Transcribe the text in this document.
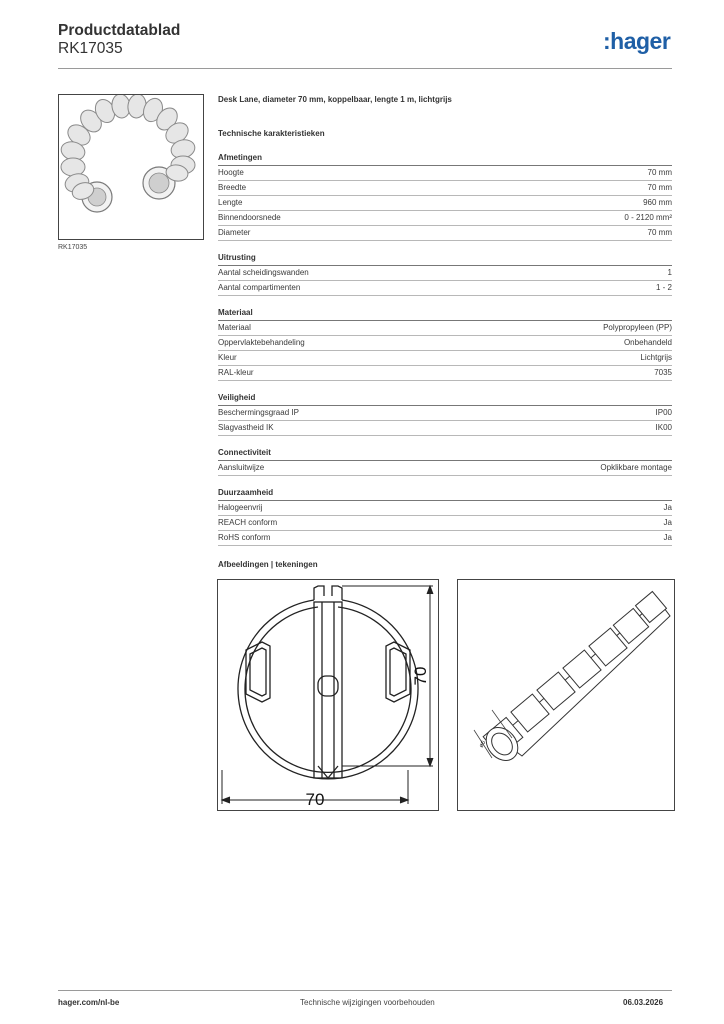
Productdatablad
RK17035	:hager
RK17035
Desk Lane, diameter 70 mm, koppelbaar, lengte 1 m, lichtgrijs
Technische karakteristieken
Afmetingen
Hoogte	70 mm
Breedte	70 mm
Lengte	960 mm
Binnendoorsnede	0 - 2120 mm²
Diameter	70 mm
Uitrusting
Aantal scheidingswanden	1
Aantal compartimenten	1 - 2
Materiaal
Materiaal	Polypropyleen (PP)
Oppervlaktebehandeling	Onbehandeld
Kleur	Lichtgrijs
RAL-kleur	7035
Veiligheid
Beschermingsgraad IP	IP00
Slagvastheid IK	IK00
Connectiviteit
Aansluitwijze	Opklikbare montage
Duurzaamheid
Halogeenvrij	Ja
REACH conform	Ja
RoHS conform	Ja
Afbeeldingen | tekeningen
70
70
ø6
hager.com/nl-be	Technische wijzigingen voorbehouden	06.03.2026
